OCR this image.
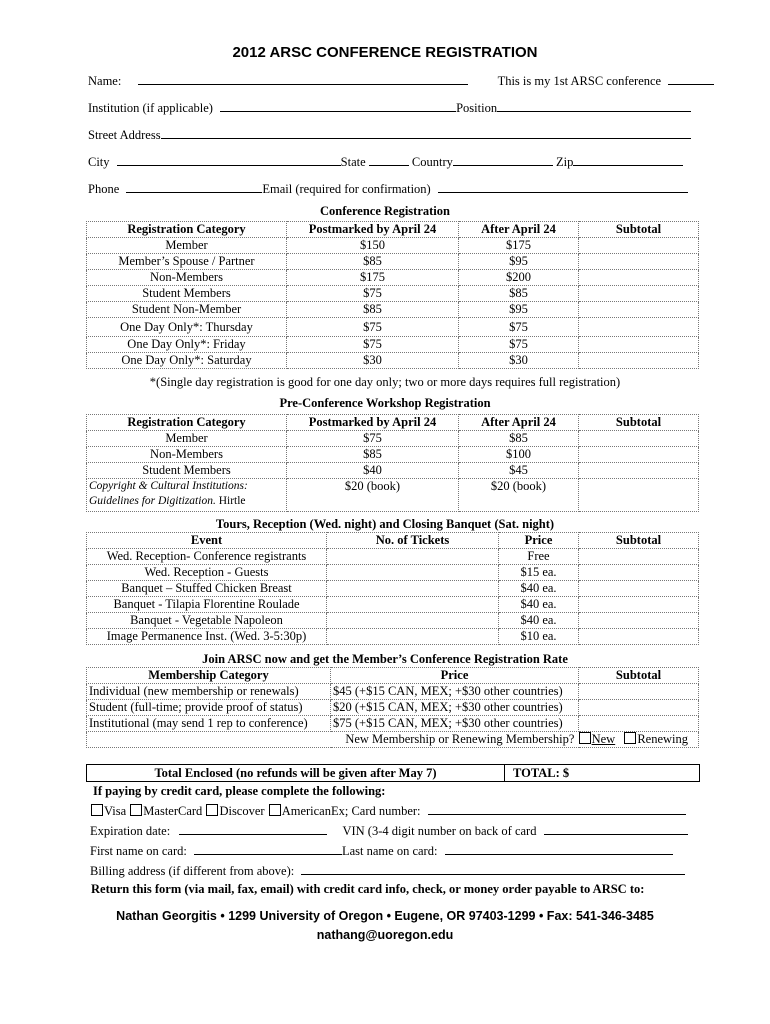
2012 ARSC CONFERENCE REGISTRATION
Name:	This is my 1st ARSC conference
Institution (if applicable)	Position
Street Address
City	State	Country	Zip
Phone	Email (required for confirmation)
Conference Registration
Registration Category	Postmarked by April 24	After April 24	Subtotal
Member	$150	$175	
Member’s Spouse / Partner	$85	$95	
Non-Members	$175	$200	
Student Members	$75	$85	
Student Non-Member	$85	$95	
One Day Only*: Thursday	$75	$75	
One Day Only*: Friday	$75	$75	
One Day Only*: Saturday	$30	$30	
*(Single day registration is good for one day only; two or more days requires full registration)
Pre-Conference Workshop Registration
Registration Category	Postmarked by April 24	After April 24	Subtotal
Member	$75	$85	
Non-Members	$85	$100	
Student Members	$40	$45	
Copyright & Cultural Institutions:
Guidelines for Digitization. Hirtle	$20 (book)	$20 (book)	
Tours, Reception (Wed. night) and Closing Banquet (Sat. night)
Event	No. of Tickets	Price	Subtotal
Wed. Reception- Conference registrants		Free	
Wed. Reception - Guests		$15 ea.	
Banquet – Stuffed Chicken Breast		$40 ea.	
Banquet - Tilapia Florentine Roulade		$40 ea.	
Banquet - Vegetable Napoleon		$40 ea.	
Image Permanence Inst. (Wed. 3-5:30p)		$10 ea.	
Join ARSC now and get the Member’s Conference Registration Rate
Membership Category	Price	Subtotal
Individual (new membership or renewals)	$45 (+$15 CAN, MEX; +$30 other countries)	
Student (full-time; provide proof of status)	$20 (+$15 CAN, MEX; +$30 other countries)	
Institutional (may send 1 rep to conference)	$75 (+$15 CAN, MEX; +$30 other countries)	
New Membership or Renewing Membership? New Renewing		
Total Enclosed (no refunds will be given after May 7)	TOTAL: $
If paying by credit card, please complete the following:
Visa MasterCard Discover AmericanEx; Card number:
Expiration date:	VIN (3-4 digit number on back of card
First name on card:	Last name on card:
Billing address (if different from above):
Return this form (via mail, fax, email) with credit card info, check, or money order payable to ARSC to:
Nathan Georgitis • 1299 University of Oregon • Eugene, OR 97403-1299 • Fax: 541-346-3485
nathang@uoregon.edu
